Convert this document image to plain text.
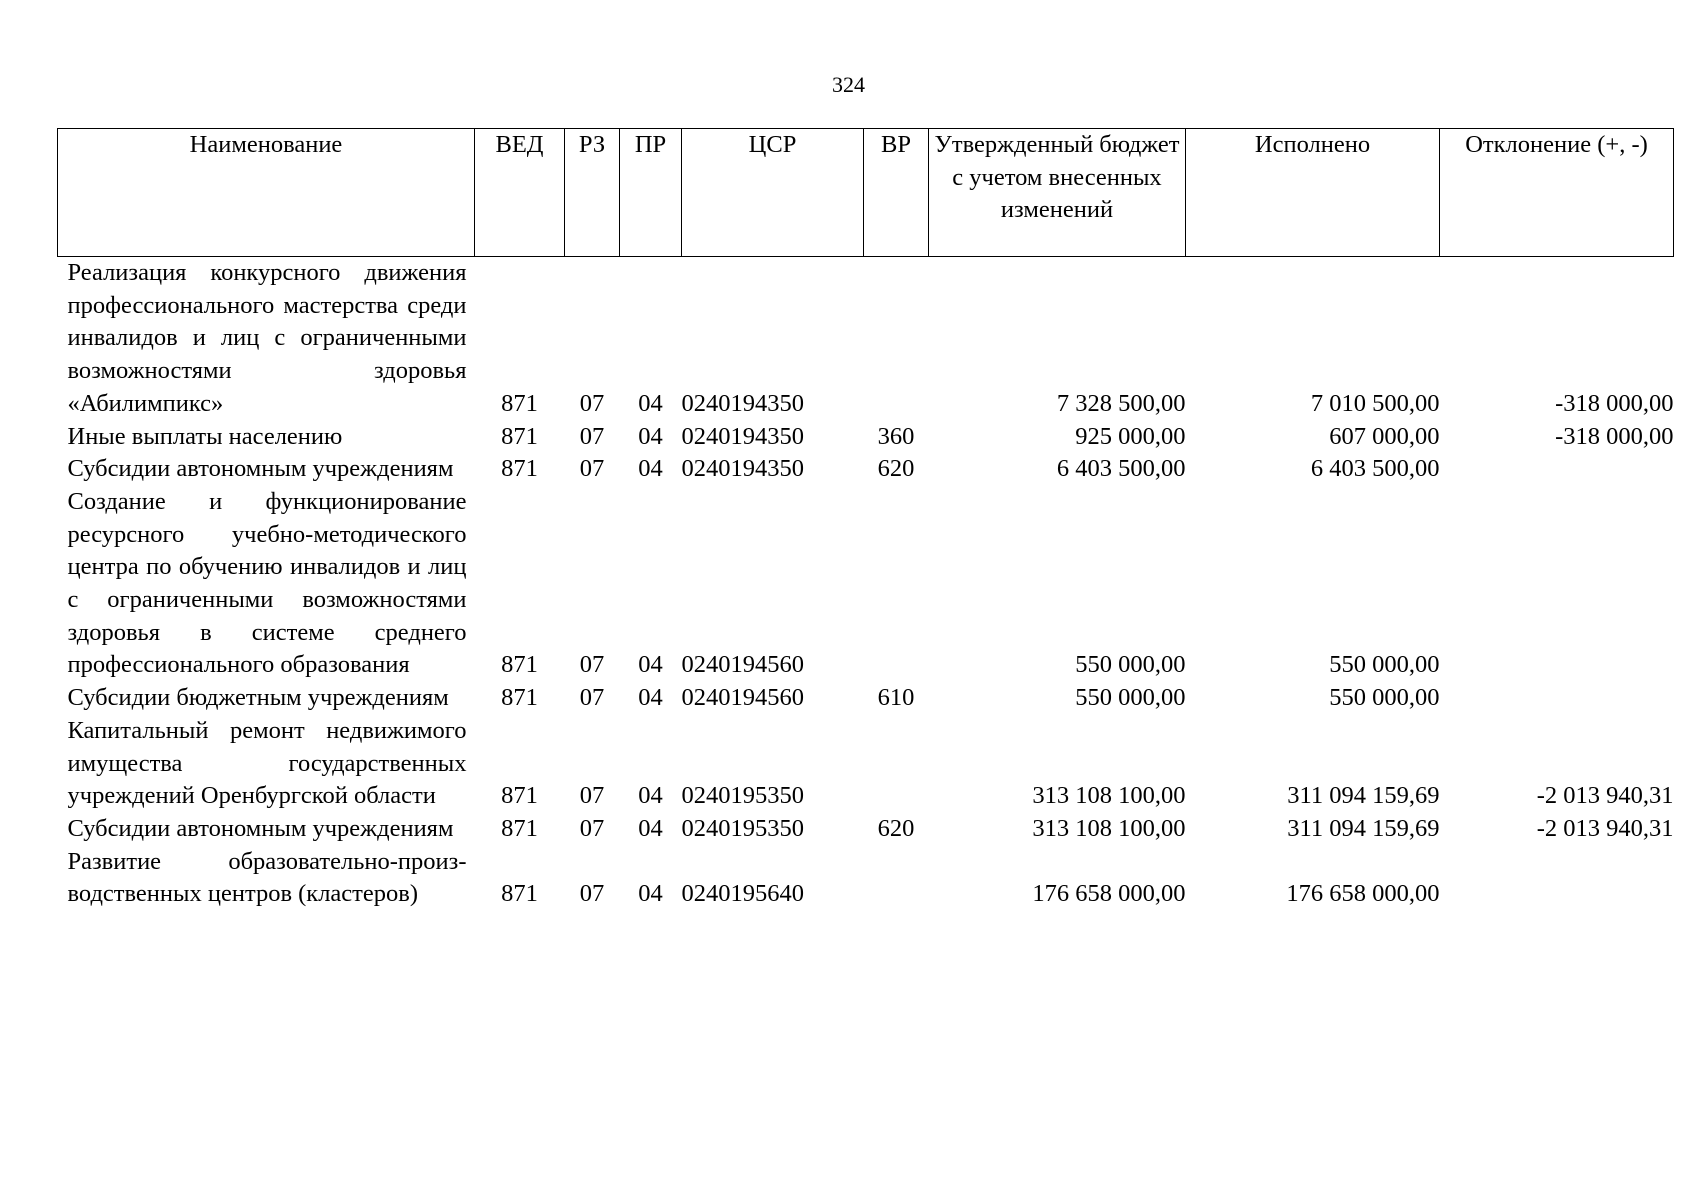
324
Наименование	ВЕД	РЗ	ПР	ЦСР	ВР	Утвержденный бюджет с учетом внесенных изменений	Исполнено	Отклонение (+, -)
Реализация конкурсного движения профессионального мастерства среди инвалидов и лиц с ограниченными возможностями здоровья «Абилимпикс»	871	07	04	0240194350		7 328 500,00	7 010 500,00	-318 000,00
Иные выплаты населению	871	07	04	0240194350	360	925 000,00	607 000,00	-318 000,00
Субсидии автономным учреждениям	871	07	04	0240194350	620	6 403 500,00	6 403 500,00	
Создание и функционирование ресурсного учебно-методического центра по обучению инвалидов и лиц с ограниченными возможностями здоровья в системе среднего профессионального образования	871	07	04	0240194560		550 000,00	550 000,00	
Субсидии бюджетным учреждениям	871	07	04	0240194560	610	550 000,00	550 000,00	
Капитальный ремонт недвижимого имущества государственных учреждений Оренбургской области	871	07	04	0240195350		313 108 100,00	311 094 159,69	-2 013 940,31
Субсидии автономным учреждениям	871	07	04	0240195350	620	313 108 100,00	311 094 159,69	-2 013 940,31
Развитие образовательно-производственных центров (кластеров)	871	07	04	0240195640		176 658 000,00	176 658 000,00	
